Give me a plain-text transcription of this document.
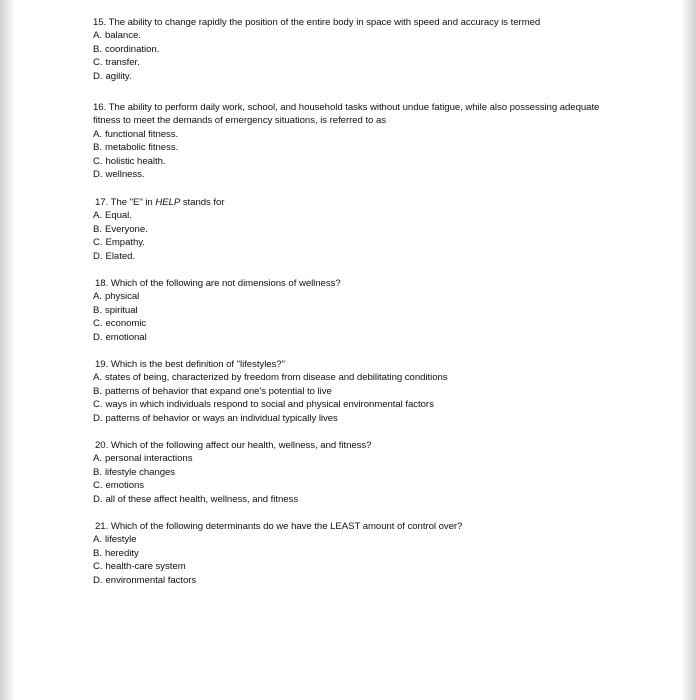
15. The ability to change rapidly the position of the entire body in space with speed and accuracy is termed

A. balance.

B. coordination.

C. transfer.

D. agility.

16. The ability to perform daily work, school, and household tasks without undue fatigue, while also possessing adequate fitness to meet the demands of emergency situations, is referred to as

A. functional fitness.

B. metabolic fitness.

C. holistic health.

D. wellness.

17. The "E" in HELP stands for

A. Equal.

B. Everyone.

C. Empathy.

D. Elated.

18. Which of the following are not dimensions of wellness?

A. physical

B. spiritual

C. economic

D. emotional

19. Which is the best definition of "lifestyles?"

A. states of being, characterized by freedom from disease and debilitating conditions

B. patterns of behavior that expand one's potential to live

C. ways in which individuals respond to social and physical environmental factors

D. patterns of behavior or ways an individual typically lives

20. Which of the following affect our health, wellness, and fitness?

A. personal interactions

B. lifestyle changes

C. emotions

D. all of these affect health, wellness, and fitness

21. Which of the following determinants do we have the LEAST amount of control over?

A. lifestyle

B. heredity

C. health-care system

D. environmental factors
